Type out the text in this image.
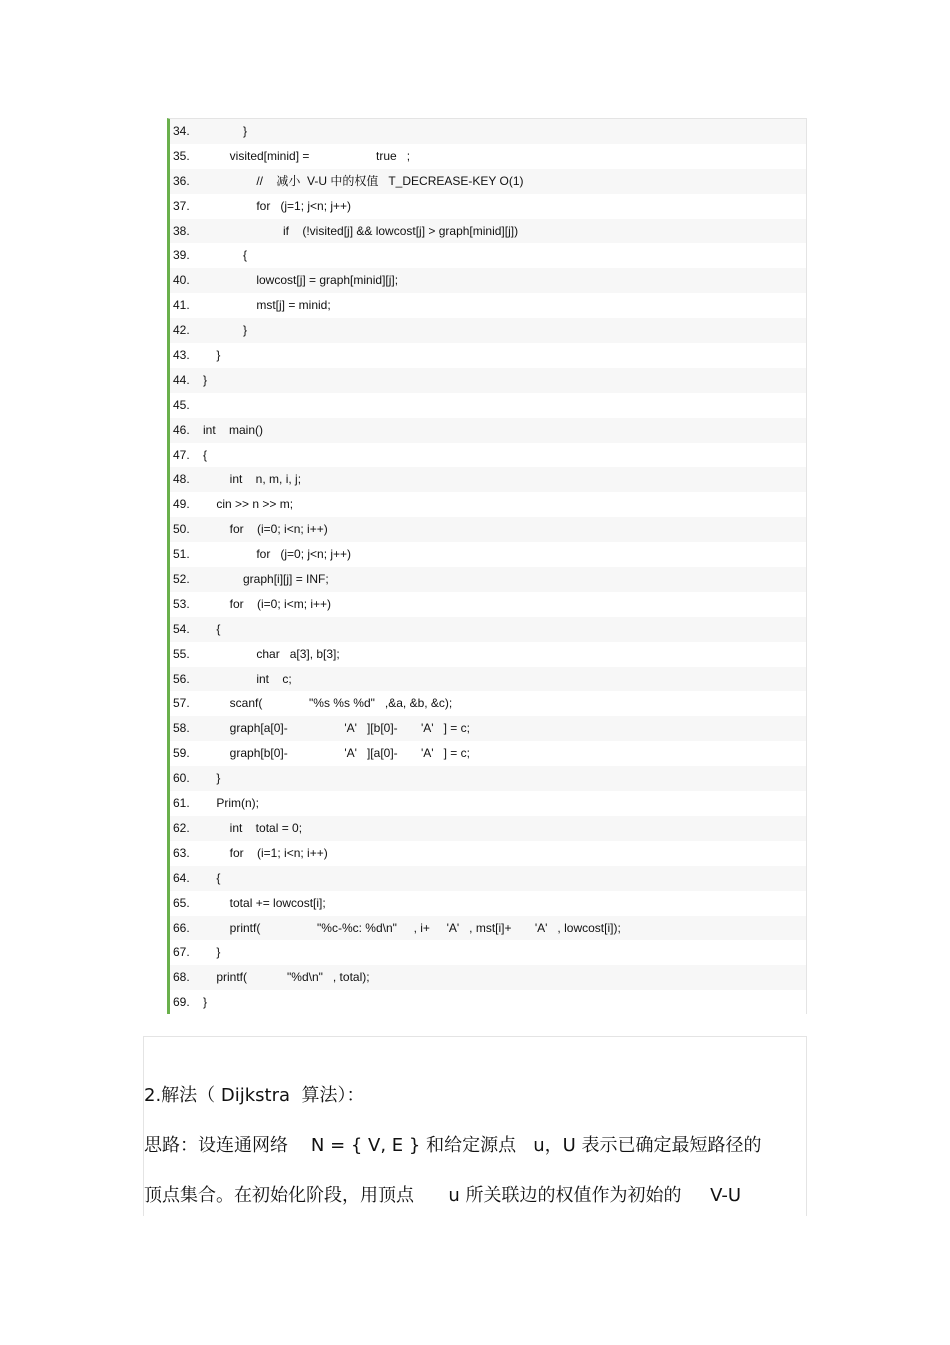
34. }
35. visited[minid] =                    true   ;
36. //    减小  V-U 中的权值   T_DECREASE-KEY O(1)
37. for   (j=1; j<n; j++)
38. if    (!visited[j] && lowcost[j] > graph[minid][j])
39. {
40. lowcost[j] = graph[minid][j];
41. mst[j] = minid;
42. }
43. }
44. }
45.
46. int    main()
47. {
48. int    n, m, i, j;
49. cin >> n >> m;
50. for    (i=0; i<n; i++)
51. for   (j=0; j<n; j++)
52. graph[i][j] = INF;
53. for    (i=0; i<m; i++)
54. {
55. char   a[3], b[3];
56. int    c;
57. scanf(              "%s %s %d"   ,&a, &b, &c);
58. graph[a[0]-                 'A'   ][b[0]-       'A'   ] = c;
59. graph[b[0]-                 'A'   ][a[0]-       'A'   ] = c;
60. }
61. Prim(n);
62. int    total = 0;
63. for    (i=1; i<n; i++)
64. {
65. total += lowcost[i];
66. printf(                 "%c-%c: %d\n"     , i+     'A'   , mst[i]+       'A'   , lowcost[i]);
67. }
68. printf(            "%d\n"   , total);
69. }
2.解法（ Dijkstra  算法）：
思路：设连通网络    N = { V, E } 和给定源点   u，U 表示已确定最短路径的
顶点集合。在初始化阶段，用顶点      u 所关联边的权值作为初始的     V-U
